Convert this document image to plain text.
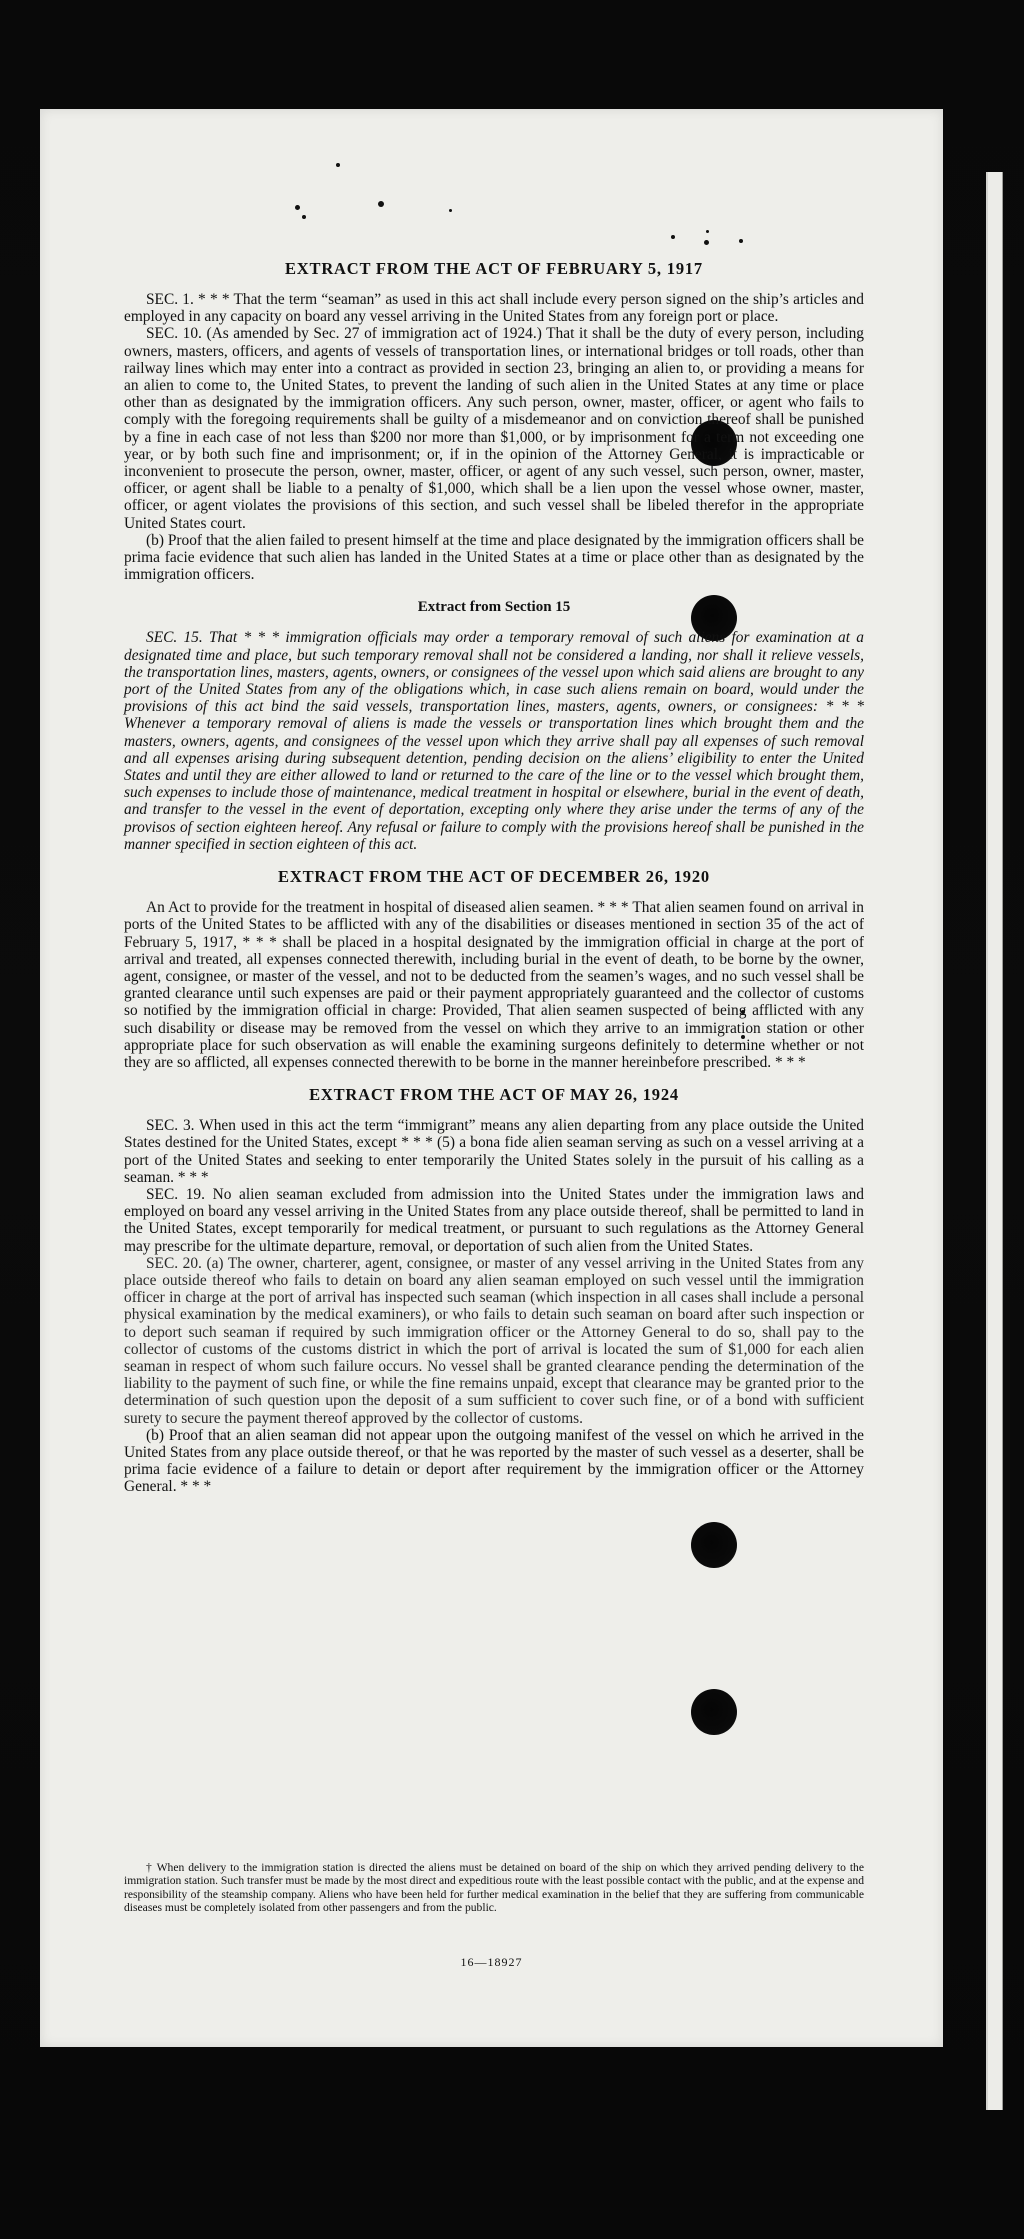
EXTRACT FROM THE ACT OF FEBRUARY 5, 1917

SEC. 1. * * * That the term “seaman” as used in this act shall include every person signed on the ship’s articles and employed in any capacity on board any vessel arriving in the United States from any foreign port or place.

SEC. 10. (As amended by Sec. 27 of immigration act of 1924.) That it shall be the duty of every person, including owners, masters, officers, and agents of vessels of transportation lines, or international bridges or toll roads, other than railway lines which may enter into a contract as provided in section 23, bringing an alien to, or providing a means for an alien to come to, the United States, to prevent the landing of such alien in the United States at any time or place other than as designated by the immigration officers. Any such person, owner, master, officer, or agent who fails to comply with the foregoing requirements shall be guilty of a misdemeanor and on conviction thereof shall be punished by a fine in each case of not less than $200 nor more than $1,000, or by imprisonment for a term not exceeding one year, or by both such fine and imprisonment; or, if in the opinion of the Attorney General, it is impracticable or inconvenient to prosecute the person, owner, master, officer, or agent of any such vessel, such person, owner, master, officer, or agent shall be liable to a penalty of $1,000, which shall be a lien upon the vessel whose owner, master, officer, or agent violates the provisions of this section, and such vessel shall be libeled therefor in the appropriate United States court.

(b) Proof that the alien failed to present himself at the time and place designated by the immigration officers shall be prima facie evidence that such alien has landed in the United States at a time or place other than as designated by the immigration officers.

Extract from Section 15

SEC. 15. That * * * immigration officials may order a temporary removal of such aliens for examination at a designated time and place, but such temporary removal shall not be considered a landing, nor shall it relieve vessels, the transportation lines, masters, agents, owners, or consignees of the vessel upon which said aliens are brought to any port of the United States from any of the obligations which, in case such aliens remain on board, would under the provisions of this act bind the said vessels, transportation lines, masters, agents, owners, or consignees: * * * Whenever a temporary removal of aliens is made the vessels or transportation lines which brought them and the masters, owners, agents, and consignees of the vessel upon which they arrive shall pay all expenses of such removal and all expenses arising during subsequent detention, pending decision on the aliens’ eligibility to enter the United States and until they are either allowed to land or returned to the care of the line or to the vessel which brought them, such expenses to include those of maintenance, medical treatment in hospital or elsewhere, burial in the event of death, and transfer to the vessel in the event of deportation, excepting only where they arise under the terms of any of the provisos of section eighteen hereof. Any refusal or failure to comply with the provisions hereof shall be punished in the manner specified in section eighteen of this act.

EXTRACT FROM THE ACT OF DECEMBER 26, 1920

An Act to provide for the treatment in hospital of diseased alien seamen. * * * That alien seamen found on arrival in ports of the United States to be afflicted with any of the disabilities or diseases mentioned in section 35 of the act of February 5, 1917, * * * shall be placed in a hospital designated by the immigration official in charge at the port of arrival and treated, all expenses connected therewith, including burial in the event of death, to be borne by the owner, agent, consignee, or master of the vessel, and not to be deducted from the seamen’s wages, and no such vessel shall be granted clearance until such expenses are paid or their payment appropriately guaranteed and the collector of customs so notified by the immigration official in charge: Provided, That alien seamen suspected of being afflicted with any such disability or disease may be removed from the vessel on which they arrive to an immigration station or other appropriate place for such observation as will enable the examining surgeons definitely to determine whether or not they are so afflicted, all expenses connected therewith to be borne in the manner hereinbefore prescribed. * * *

EXTRACT FROM THE ACT OF MAY 26, 1924

SEC. 3. When used in this act the term “immigrant” means any alien departing from any place outside the United States destined for the United States, except * * * (5) a bona fide alien seaman serving as such on a vessel arriving at a port of the United States and seeking to enter temporarily the United States solely in the pursuit of his calling as a seaman. * * *

SEC. 19. No alien seaman excluded from admission into the United States under the immigration laws and employed on board any vessel arriving in the United States from any place outside thereof, shall be permitted to land in the United States, except temporarily for medical treatment, or pursuant to such regulations as the Attorney General may prescribe for the ultimate departure, removal, or deportation of such alien from the United States.

SEC. 20. (a) The owner, charterer, agent, consignee, or master of any vessel arriving in the United States from any place outside thereof who fails to detain on board any alien seaman employed on such vessel until the immigration officer in charge at the port of arrival has inspected such seaman (which inspection in all cases shall include a personal physical examination by the medical examiners), or who fails to detain such seaman on board after such inspection or to deport such seaman if required by such immigration officer or the Attorney General to do so, shall pay to the collector of customs of the customs district in which the port of arrival is located the sum of $1,000 for each alien seaman in respect of whom such failure occurs. No vessel shall be granted clearance pending the determination of the liability to the payment of such fine, or while the fine remains unpaid, except that clearance may be granted prior to the determination of such question upon the deposit of a sum sufficient to cover such fine, or of a bond with sufficient surety to secure the payment thereof approved by the collector of customs.

(b) Proof that an alien seaman did not appear upon the outgoing manifest of the vessel on which he arrived in the United States from any place outside thereof, or that he was reported by the master of such vessel as a deserter, shall be prima facie evidence of a failure to detain or deport after requirement by the immigration officer or the Attorney General. * * *

† When delivery to the immigration station is directed the aliens must be detained on board of the ship on which they arrived pending delivery to the immigration station. Such transfer must be made by the most direct and expeditious route with the least possible contact with the public, and at the expense and responsibility of the steamship company. Aliens who have been held for further medical examination in the belief that they are suffering from communicable diseases must be completely isolated from other passengers and from the public.

16—18927
